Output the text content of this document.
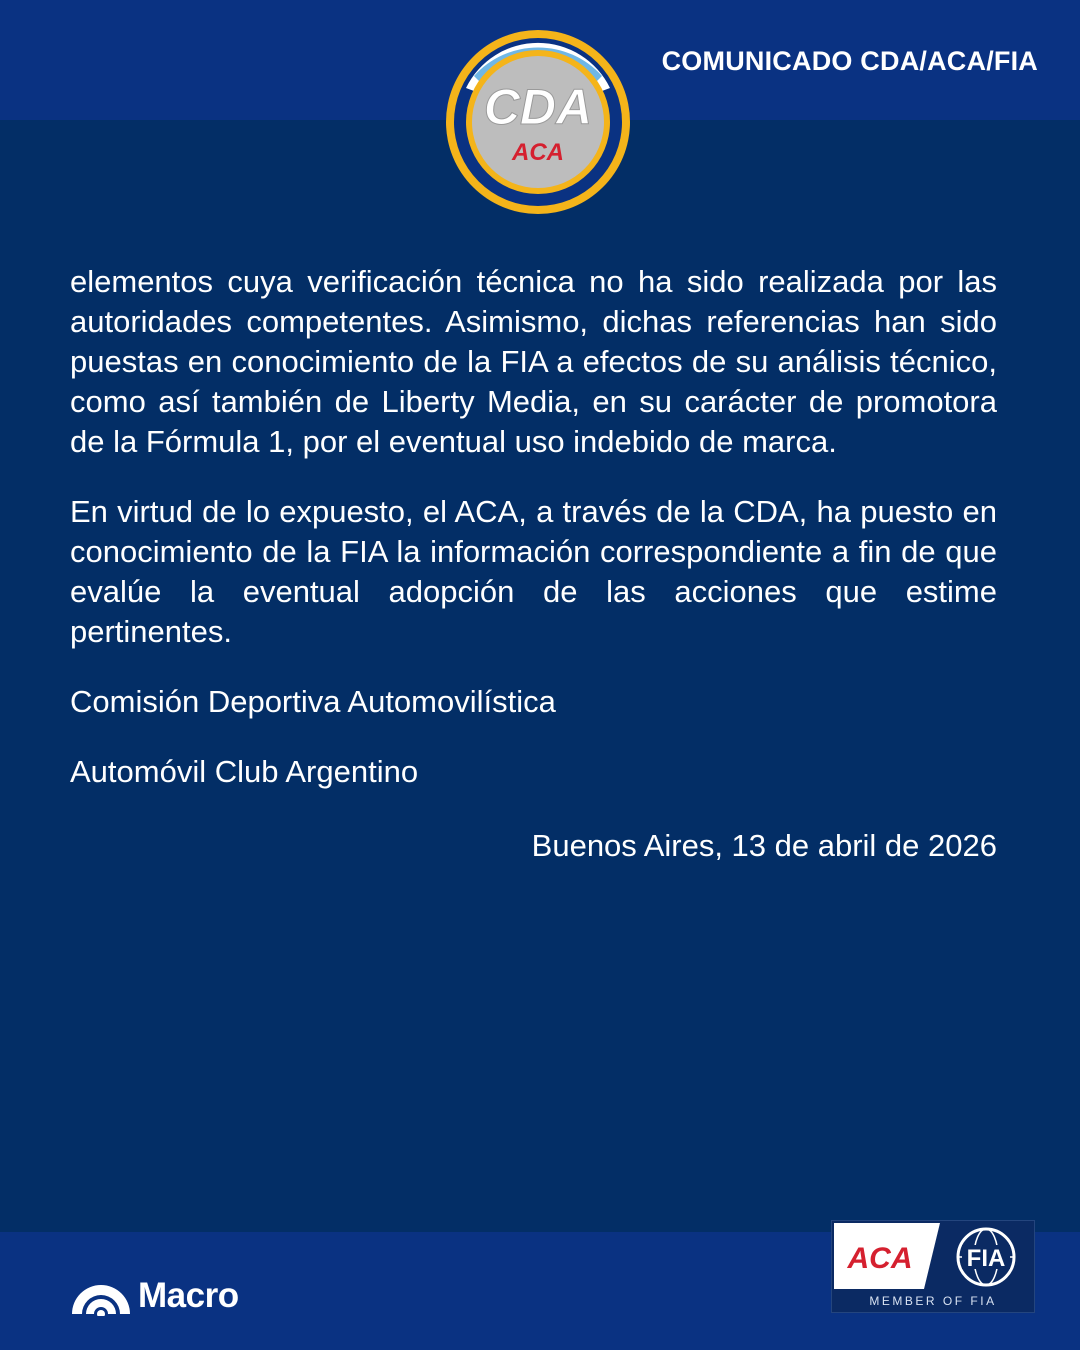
COMUNICADO CDA/ACA/FIA
CDA
ACA

elementos cuya verificación técnica no ha sido realizada por las autoridades competentes. Asimismo, dichas referencias han sido puestas en conocimiento de la FIA a efectos de su análisis técnico, como así también de Liberty Media, en su carácter de promotora de la Fórmula 1, por el eventual uso indebido de marca.

En virtud de lo expuesto, el ACA, a través de la CDA, ha puesto en conocimiento de la FIA la información correspondiente a fin de que evalúe la eventual adopción de las acciones que estime pertinentes.

Comisión Deportiva Automovilística
Automóvil Club Argentino
Buenos Aires, 13 de abril de 2026
Macro
ACA FIA
MEMBER OF FIA
